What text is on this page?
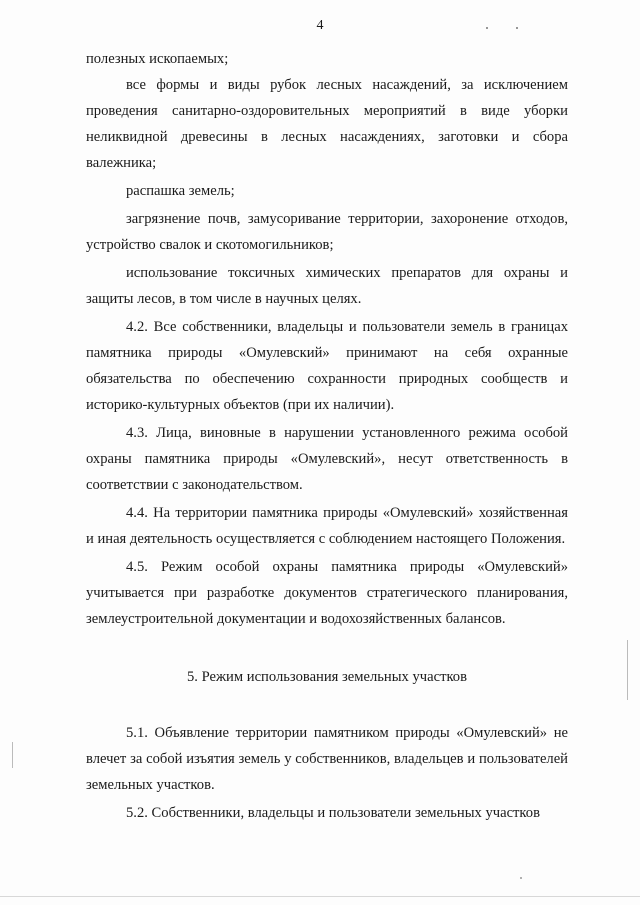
4

полезных ископаемых;

все формы и виды рубок лесных насаждений, за исключением проведения санитарно-оздоровительных мероприятий в виде уборки неликвидной древесины в лесных насаждениях, заготовки и сбора валежника;

распашка земель;

загрязнение почв, замусоривание территории, захоронение отходов, устройство свалок и скотомогильников;

использование токсичных химических препаратов для охраны и защиты лесов, в том числе в научных целях.

4.2. Все собственники, владельцы и пользователи земель в границах памятника природы «Омулевский» принимают на себя охранные обязательства по обеспечению сохранности природных сообществ и историко-культурных объектов (при их наличии).

4.3. Лица, виновные в нарушении установленного режима особой охраны памятника природы «Омулевский», несут ответственность в соответствии с законодательством.

4.4. На территории памятника природы «Омулевский» хозяйственная и иная деятельность осуществляется с соблюдением настоящего Положения.

4.5. Режим особой охраны памятника природы «Омулевский» учитывается при разработке документов стратегического планирования, землеустроительной документации и водохозяйственных балансов.

5. Режим использования земельных участков

5.1. Объявление территории памятником природы «Омулевский» не влечет за собой изъятия земель у собственников, владельцев и пользователей земельных участков.

5.2. Собственники, владельцы и пользователи земельных участков
